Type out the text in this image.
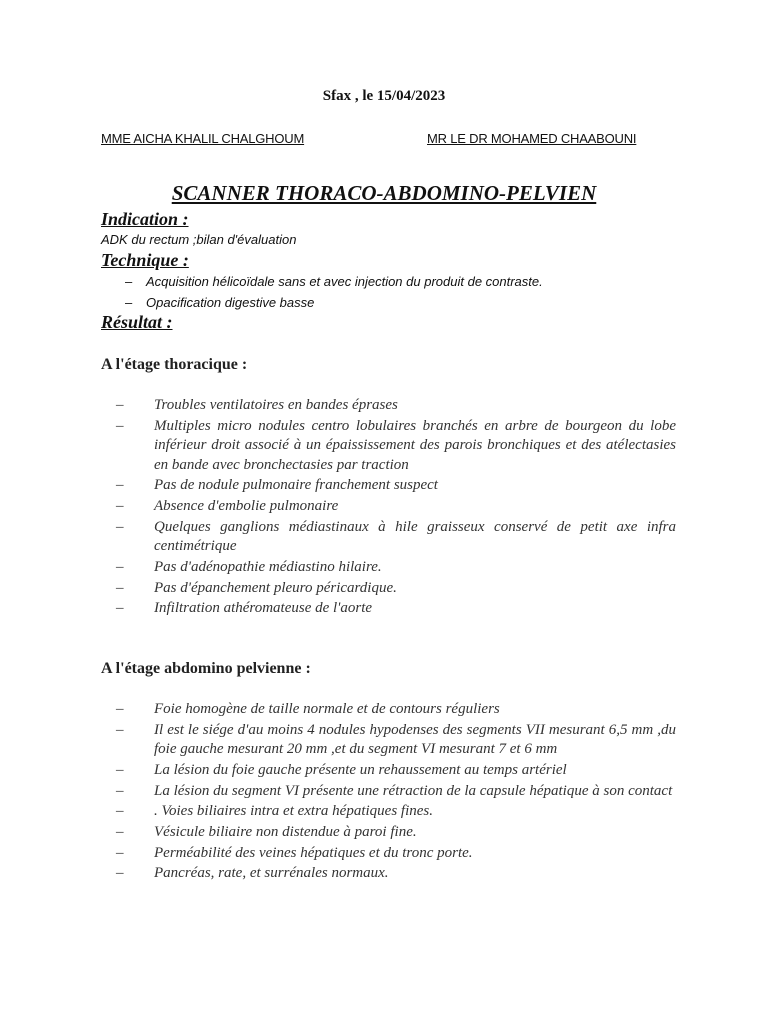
Sfax , le 15/04/2023
MME AICHA KHALIL CHALGHOUM	MR LE DR MOHAMED CHAABOUNI
SCANNER THORACO-ABDOMINO-PELVIEN
Indication :
ADK du rectum ;bilan d'évaluation
Technique :
– Acquisition hélicoïdale sans et avec injection du produit de contraste.
– Opacification digestive basse
Résultat :
A l'étage thoracique :
– Troubles ventilatoires en bandes éprases
– Multiples micro nodules centro lobulaires branchés en arbre de bourgeon du lobe inférieur droit associé à un épaississement des parois bronchiques et des atélectasies en bande avec bronchectasies par traction
– Pas de nodule pulmonaire franchement suspect
– Absence d'embolie pulmonaire
– Quelques ganglions médiastinaux à hile graisseux conservé de petit axe infra centimétrique
– Pas d'adénopathie médiastino hilaire.
– Pas d'épanchement pleuro péricardique.
– Infiltration athéromateuse de l'aorte
A l'étage abdomino pelvienne :
– Foie homogène de taille normale et de contours réguliers
– Il est le siége d'au moins 4 nodules hypodenses des segments VII mesurant 6,5 mm ,du foie gauche mesurant 20 mm ,et du segment VI mesurant 7 et 6 mm
– La lésion du foie gauche présente un rehaussement au temps artériel
– La lésion du segment VI présente une rétraction de la capsule hépatique à son contact
– . Voies biliaires intra et extra hépatiques fines.
– Vésicule biliaire non distendue à paroi fine.
– Perméabilité des veines hépatiques et du tronc porte.
– Pancréas, rate, et surrénales normaux.
